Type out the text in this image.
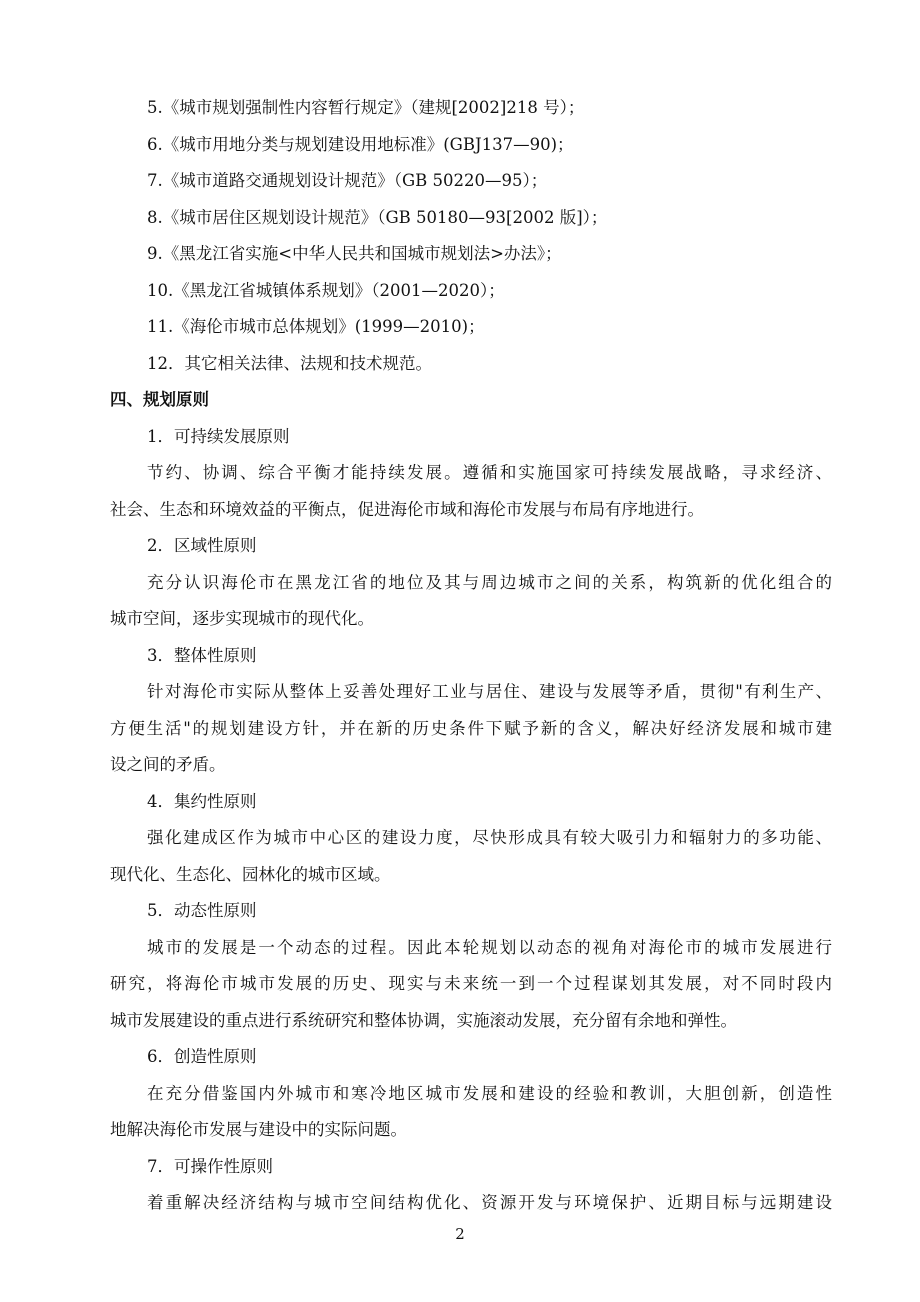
5.《城市规划强制性内容暂行规定》（建规[2002]218 号）；
6.《城市用地分类与规划建设用地标准》(GBJ137—90)；
7.《城市道路交通规划设计规范》（GB 50220—95）；
8.《城市居住区规划设计规范》（GB 50180—93[2002 版]）；
9.《黑龙江省实施<中华人民共和国城市规划法>办法》；
10.《黑龙江省城镇体系规划》（2001—2020）；
11.《海伦市城市总体规划》(1999—2010)；
12．其它相关法律、法规和技术规范。
四、规划原则
1．可持续发展原则
节约、协调、综合平衡才能持续发展。遵循和实施国家可持续发展战略，寻求经济、
社会、生态和环境效益的平衡点，促进海伦市域和海伦市发展与布局有序地进行。
2．区域性原则
充分认识海伦市在黑龙江省的地位及其与周边城市之间的关系，构筑新的优化组合的
城市空间，逐步实现城市的现代化。
3．整体性原则
针对海伦市实际从整体上妥善处理好工业与居住、建设与发展等矛盾，贯彻"有利生产、
方便生活"的规划建设方针，并在新的历史条件下赋予新的含义，解决好经济发展和城市建
设之间的矛盾。
4．集约性原则
强化建成区作为城市中心区的建设力度，尽快形成具有较大吸引力和辐射力的多功能、
现代化、生态化、园林化的城市区域。
5．动态性原则
城市的发展是一个动态的过程。因此本轮规划以动态的视角对海伦市的城市发展进行
研究，将海伦市城市发展的历史、现实与未来统一到一个过程谋划其发展，对不同时段内
城市发展建设的重点进行系统研究和整体协调，实施滚动发展，充分留有余地和弹性。
6．创造性原则
在充分借鉴国内外城市和寒冷地区城市发展和建设的经验和教训，大胆创新，创造性
地解决海伦市发展与建设中的实际问题。
7．可操作性原则
着重解决经济结构与城市空间结构优化、资源开发与环境保护、近期目标与远期建设
2
